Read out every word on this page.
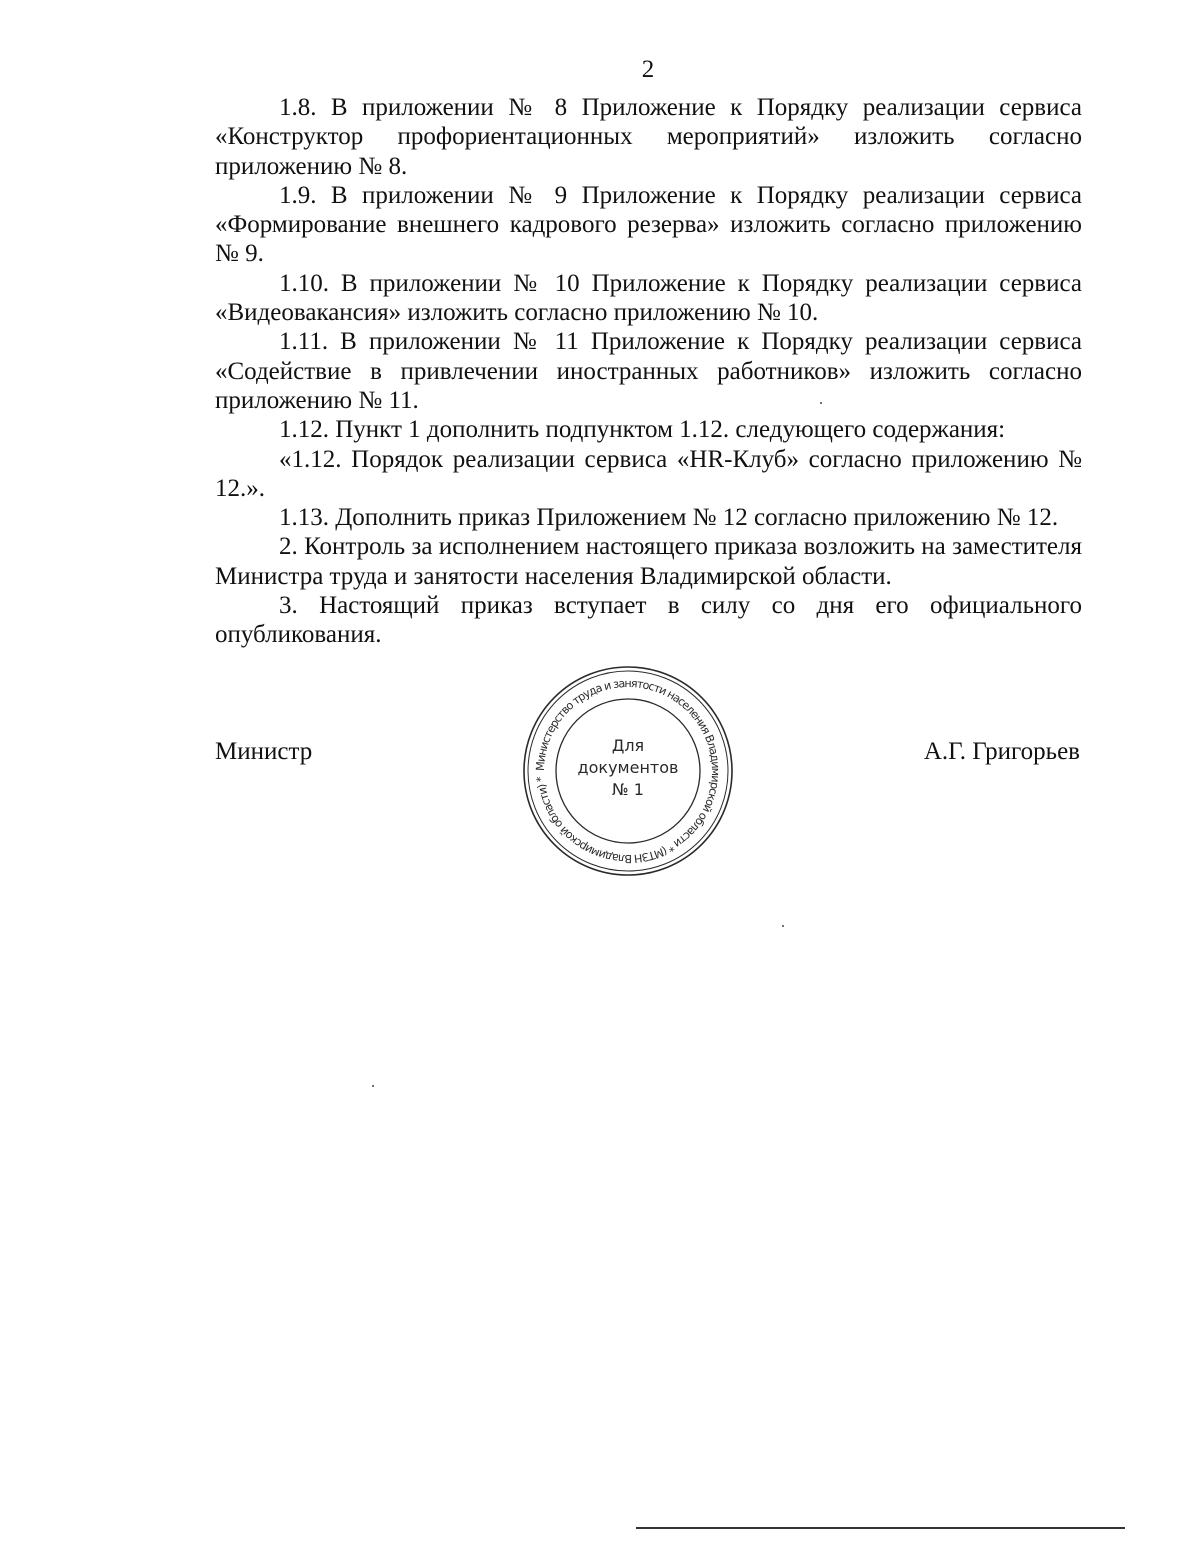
2

1.8. В приложении № 8 Приложение к Порядку реализации сервиса «Конструктор профориентационных мероприятий» изложить согласно приложению № 8.

1.9. В приложении № 9 Приложение к Порядку реализации сервиса «Формирование внешнего кадрового резерва» изложить согласно приложению № 9.

1.10. В приложении № 10 Приложение к Порядку реализации сервиса «Видеовакансия» изложить согласно приложению № 10.

1.11. В приложении № 11 Приложение к Порядку реализации сервиса «Содействие в привлечении иностранных работников» изложить согласно приложению № 11.

1.12. Пункт 1 дополнить подпунктом 1.12. следующего содержания:

«1.12. Порядок реализации сервиса «HR-Клуб» согласно приложению № 12.».

1.13. Дополнить приказ Приложением № 12 согласно приложению № 12.

2. Контроль за исполнением настоящего приказа возложить на заместителя Министра труда и занятости населения Владимирской области.

3. Настоящий приказ вступает в силу со дня его официального опубликования.

Министр	А.Г. Григорьев
Министерство труда и занятости населения Владимирской области * (МТЗН Владимирской области) *
Для
документов
№ 1
